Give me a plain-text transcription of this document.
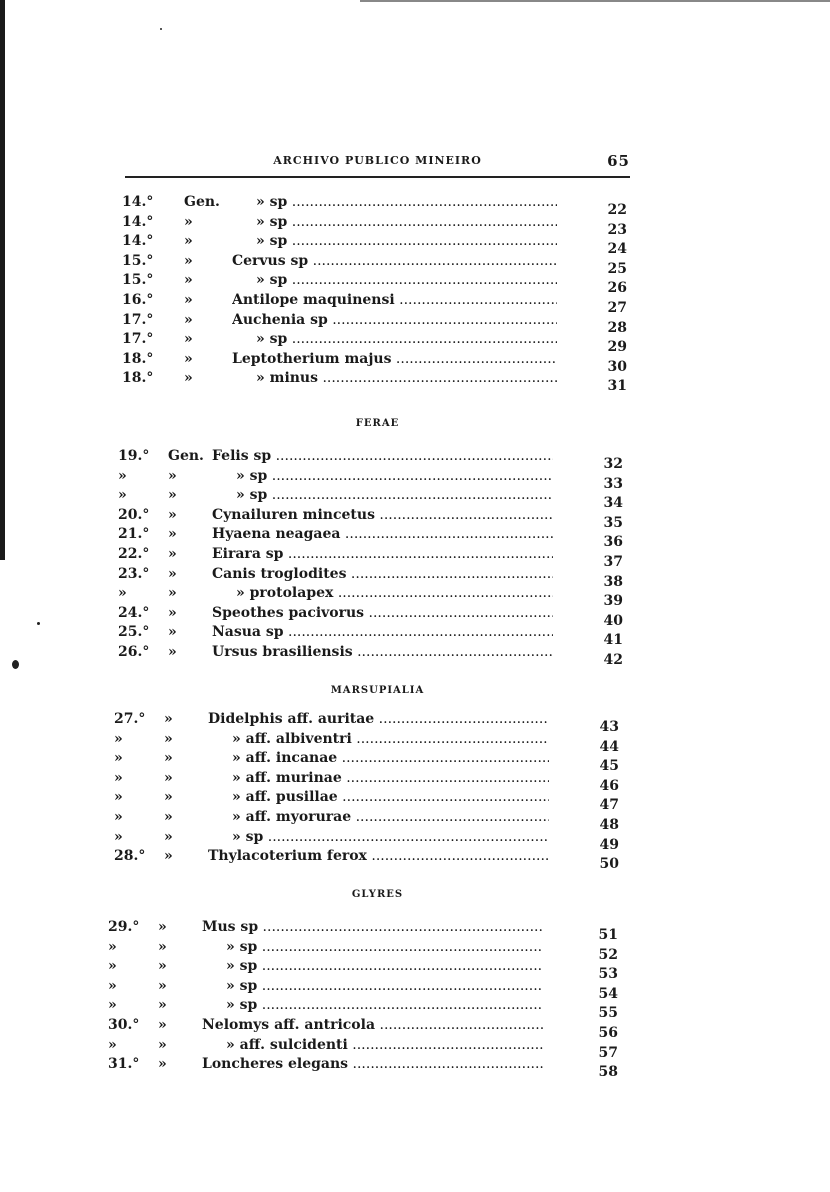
ARCHIVO PUBLICO MINEIRO	65
14.°	Gen.	» sp .....	22
14.°	»	» sp .....	23
14.°	»	» sp .....	24
15.°	»	Cervus sp .....	25
15.°	»	» sp .....	26
16.°	»	Antilope maquinensi .....	27
17.°	»	Auchenia sp .....	28
17.°	»	» sp .....	29
18.°	»	Leptotherium majus .....	30
18.°	»	» minus .....	31
FERAE
19.°	Gen. Felis sp .....	32
»	»	» sp .....	33
»	»	» sp .....	34
20.°	»	Cynailuren mincetus .....	35
21.°	»	Hyaena neagaea .....	36
22.°	»	Eirara sp .....	37
23.°	»	Canis troglodites .....	38
»	»	» protolapex .....	39
24.°	»	Speothes pacivorus .....	40
25.°	»	Nasua sp .....	41
26.°	»	Ursus brasiliensis .....	42
MARSUPIALIA
27.°	»	Didelphis aff. auritae .....	43
»	»	» aff. albiventri .....	44
»	»	» aff. incanae .....	45
»	»	» aff. murinae .....	46
»	»	» aff. pusillae .....	47
»	»	» aff. myorurae .....	48
»	»	» sp .....	49
28.°	»	Thylacoterium ferox .....	50
GLYRES
29.°	»	Mus sp .....	51
»	»	» sp .....	52
»	»	» sp .....	53
»	»	» sp .....	54
»	»	» sp .....	55
30.°	»	Nelomys aff. antricola .....	56
»	»	» aff. sulcidenti .....	57
31.°	»	Loncheres elegans .....	58
